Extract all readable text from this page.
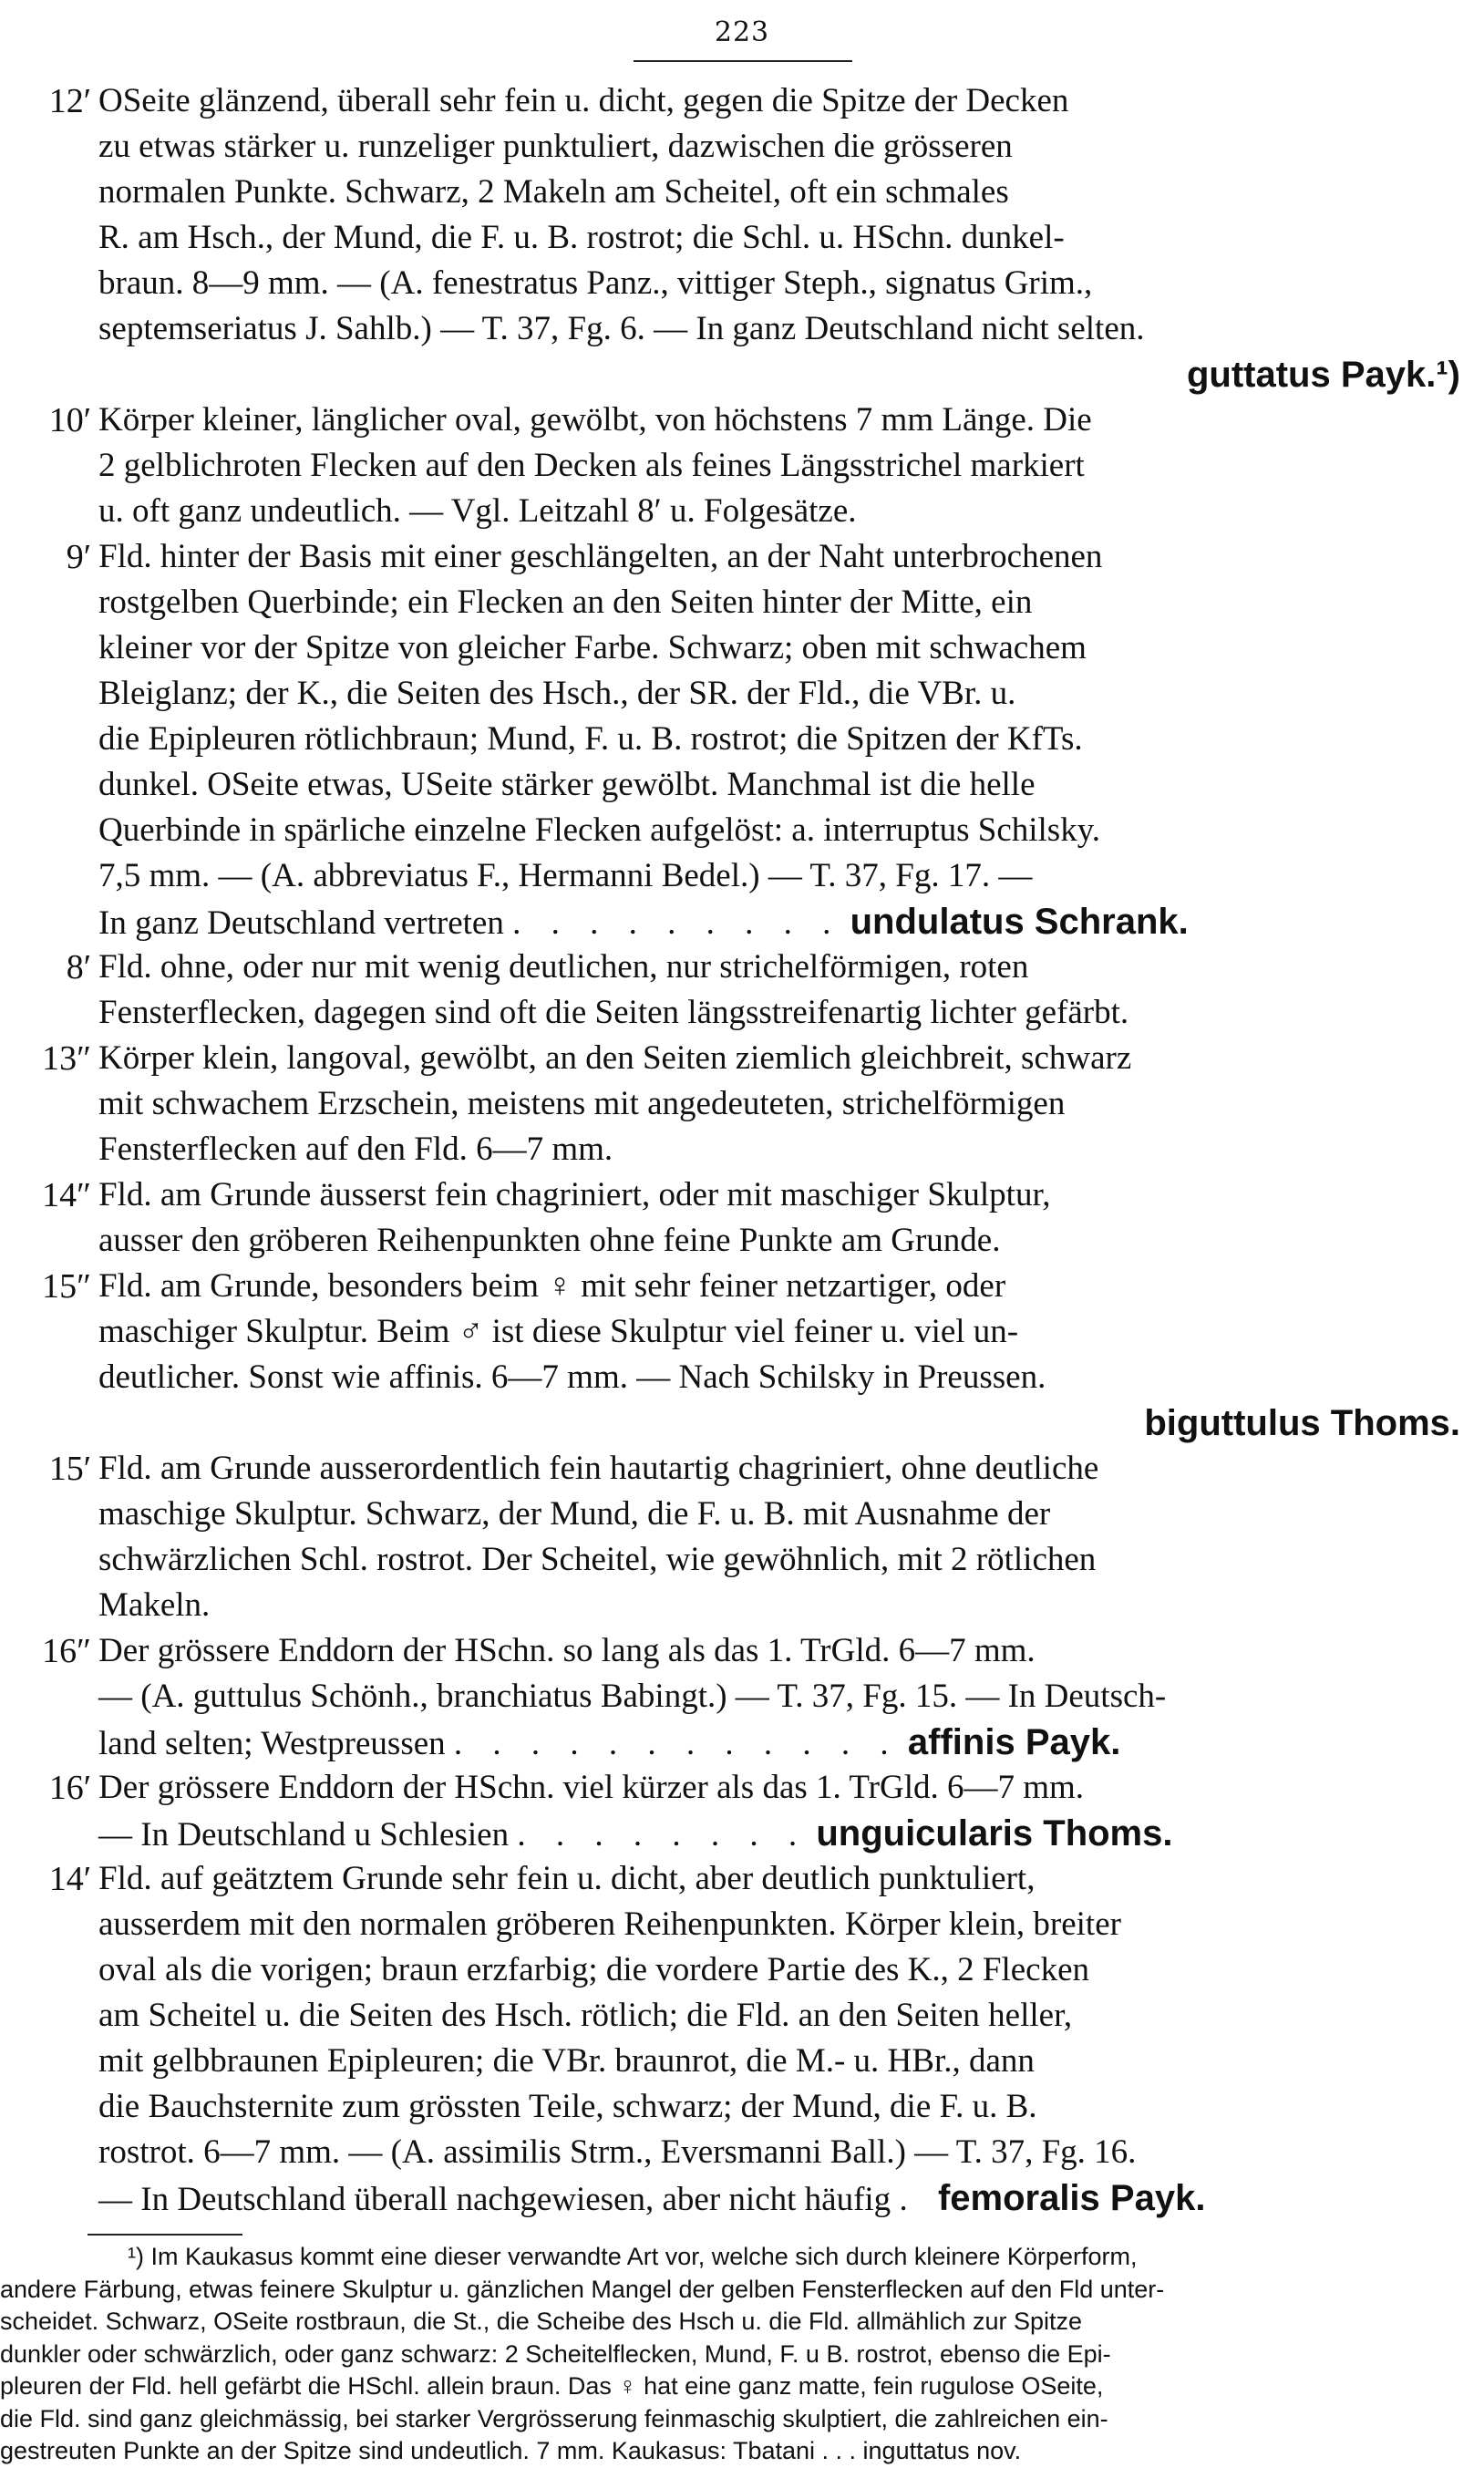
223
12′ OSeite glänzend, überall sehr fein u. dicht, gegen die Spitze der Decken
zu etwas stärker u. runzeliger punktuliert, dazwischen die grösseren
normalen Punkte. Schwarz, 2 Makeln am Scheitel, oft ein schmales
R. am Hsch., der Mund, die F. u. B. rostrot; die Schl. u. HSchn. dunkel-
braun. 8—9 mm. — (A. fenestratus Panz., vittiger Steph., signatus Grim.,
septemseriatus J. Sahlb.) — T. 37, Fg. 6. — In ganz Deutschland nicht selten.
guttatus Payk.¹)
10′ Körper kleiner, länglicher oval, gewölbt, von höchstens 7 mm Länge. Die
2 gelblichroten Flecken auf den Decken als feines Längsstrichel markiert
u. oft ganz undeutlich. — Vgl. Leitzahl 8′ u. Folgesätze.
9′ Fld. hinter der Basis mit einer geschlängelten, an der Naht unterbrochenen
rostgelben Querbinde; ein Flecken an den Seiten hinter der Mitte, ein
kleiner vor der Spitze von gleicher Farbe. Schwarz; oben mit schwachem
Bleiglanz; der K., die Seiten des Hsch., der SR. der Fld., die VBr. u.
die Epipleuren rötlichbraun; Mund, F. u. B. rostrot; die Spitzen der KfTs.
dunkel. OSeite etwas, USeite stärker gewölbt. Manchmal ist die helle
Querbinde in spärliche einzelne Flecken aufgelöst: a. interruptus Schilsky.
7,5 mm. — (A. abbreviatus F., Hermanni Bedel.) — T. 37, Fg. 17. —
In ganz Deutschland vertreten . . . . . . . . . undulatus Schrank.
8′ Fld. ohne, oder nur mit wenig deutlichen, nur strichelförmigen, roten
Fensterflecken, dagegen sind oft die Seiten längsstreifenartig lichter gefärbt.
13″ Körper klein, langoval, gewölbt, an den Seiten ziemlich gleichbreit, schwarz
mit schwachem Erzschein, meistens mit angedeuteten, strichelförmigen
Fensterflecken auf den Fld. 6—7 mm.
14″ Fld. am Grunde äusserst fein chagriniert, oder mit maschiger Skulptur,
ausser den gröberen Reihenpunkten ohne feine Punkte am Grunde.
15″ Fld. am Grunde, besonders beim ♀ mit sehr feiner netzartiger, oder
maschiger Skulptur. Beim ♂ ist diese Skulptur viel feiner u. viel un-
deutlicher. Sonst wie affinis. 6—7 mm. — Nach Schilsky in Preussen.
biguttulus Thoms.
15′ Fld. am Grunde ausserordentlich fein hautartig chagriniert, ohne deutliche
maschige Skulptur. Schwarz, der Mund, die F. u. B. mit Ausnahme der
schwärzlichen Schl. rostrot. Der Scheitel, wie gewöhnlich, mit 2 rötlichen
Makeln.
16″ Der grössere Enddorn der HSchn. so lang als das 1. TrGld. 6—7 mm.
— (A. guttulus Schönh., branchiatus Babingt.) — T. 37, Fg. 15. — In Deutsch-
land selten; Westpreussen . . . . . . . . . . . . affinis Payk.
16′ Der grössere Enddorn der HSchn. viel kürzer als das 1. TrGld. 6—7 mm.
— In Deutschland u Schlesien . . . . . . . . unguicularis Thoms.
14′ Fld. auf geätztem Grunde sehr fein u. dicht, aber deutlich punktuliert,
ausserdem mit den normalen gröberen Reihenpunkten. Körper klein, breiter
oval als die vorigen; braun erzfarbig; die vordere Partie des K., 2 Flecken
am Scheitel u. die Seiten des Hsch. rötlich; die Fld. an den Seiten heller,
mit gelbbraunen Epipleuren; die VBr. braunrot, die M.- u. HBr., dann
die Bauchsternite zum grössten Teile, schwarz; der Mund, die F. u. B.
rostrot. 6—7 mm. — (A. assimilis Strm., Eversmanni Ball.) — T. 37, Fg. 16.
— In Deutschland überall nachgewiesen, aber nicht häufig . femoralis Payk.
¹) Im Kaukasus kommt eine dieser verwandte Art vor, welche sich durch kleinere Körperform,
andere Färbung, etwas feinere Skulptur u. gänzlichen Mangel der gelben Fensterflecken auf den Fld unter-
scheidet. Schwarz, OSeite rostbraun, die St., die Scheibe des Hsch u. die Fld. allmählich zur Spitze
dunkler oder schwärzlich, oder ganz schwarz: 2 Scheitelflecken, Mund, F. u B. rostrot, ebenso die Epi-
pleuren der Fld. hell gefärbt die HSchl. allein braun. Das ♀ hat eine ganz matte, fein rugulose OSeite,
die Fld. sind ganz gleichmässig, bei starker Vergrösserung feinmaschig skulptiert, die zahlreichen ein-
gestreuten Punkte an der Spitze sind undeutlich. 7 mm. Kaukasus: Tbatani . . . inguttatus nov.
